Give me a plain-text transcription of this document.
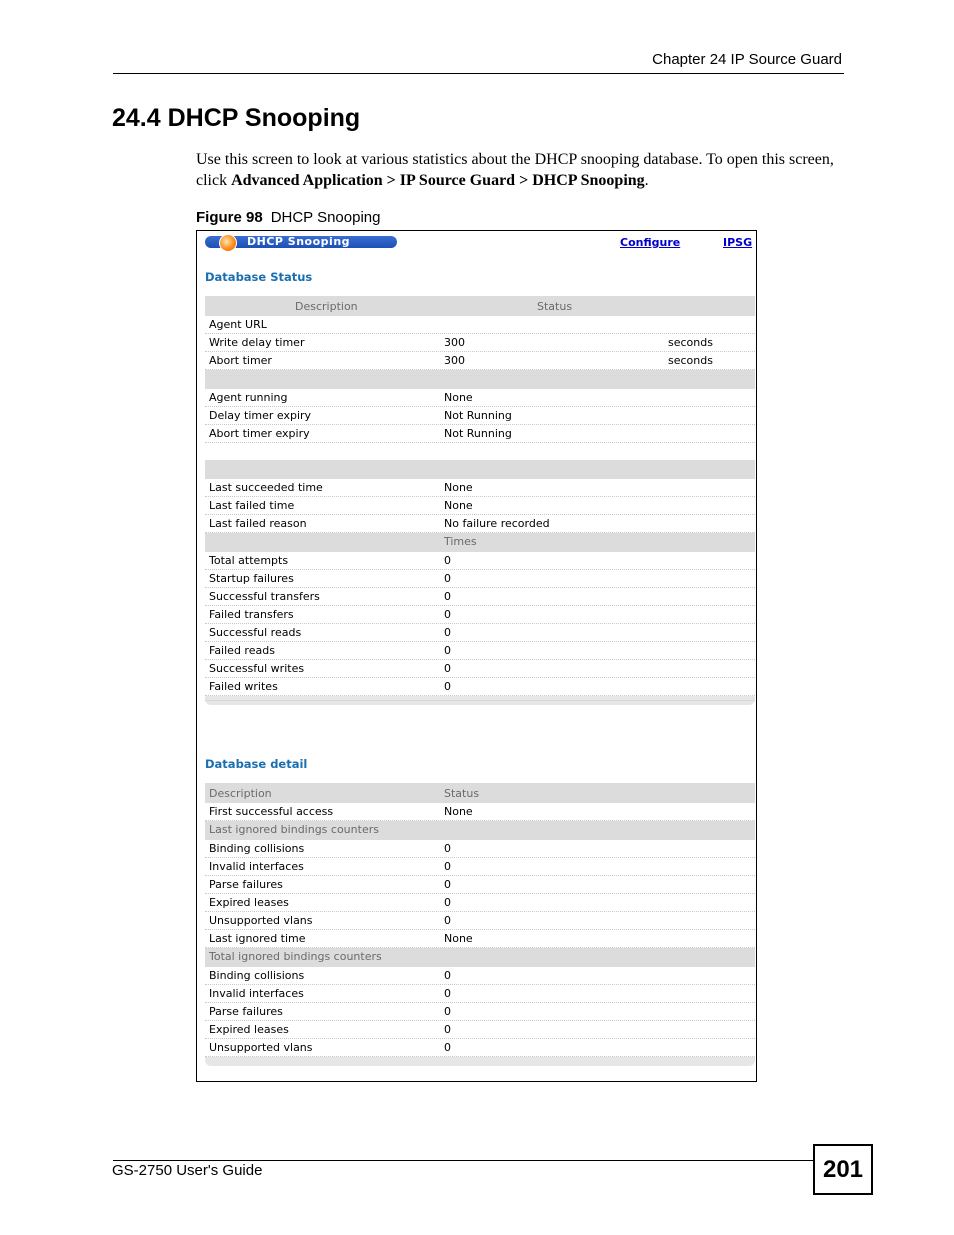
Chapter 24 IP Source Guard
24.4 DHCP Snooping

Use this screen to look at various statistics about the DHCP snooping database. To open this screen, click Advanced Application > IP Source Guard > DHCP Snooping.

Figure 98 DHCP Snooping
DHCP Snooping	Configure	IPSG
Database Status
Description	Status
Agent URL
Write delay timer	300	seconds
Abort timer	300	seconds
Agent running	None
Delay timer expiry	Not Running
Abort timer expiry	Not Running
Last succeeded time	None
Last failed time	None
Last failed reason	No failure recorded
Times
Total attempts	0
Startup failures	0
Successful transfers	0
Failed transfers	0
Successful reads	0
Failed reads	0
Successful writes	0
Failed writes	0
Database detail
Description	Status
First successful access	None
Last ignored bindings counters
Binding collisions	0
Invalid interfaces	0
Parse failures	0
Expired leases	0
Unsupported vlans	0
Last ignored time	None
Total ignored bindings counters
Binding collisions	0
Invalid interfaces	0
Parse failures	0
Expired leases	0
Unsupported vlans	0
GS-2750 User's Guide	201
